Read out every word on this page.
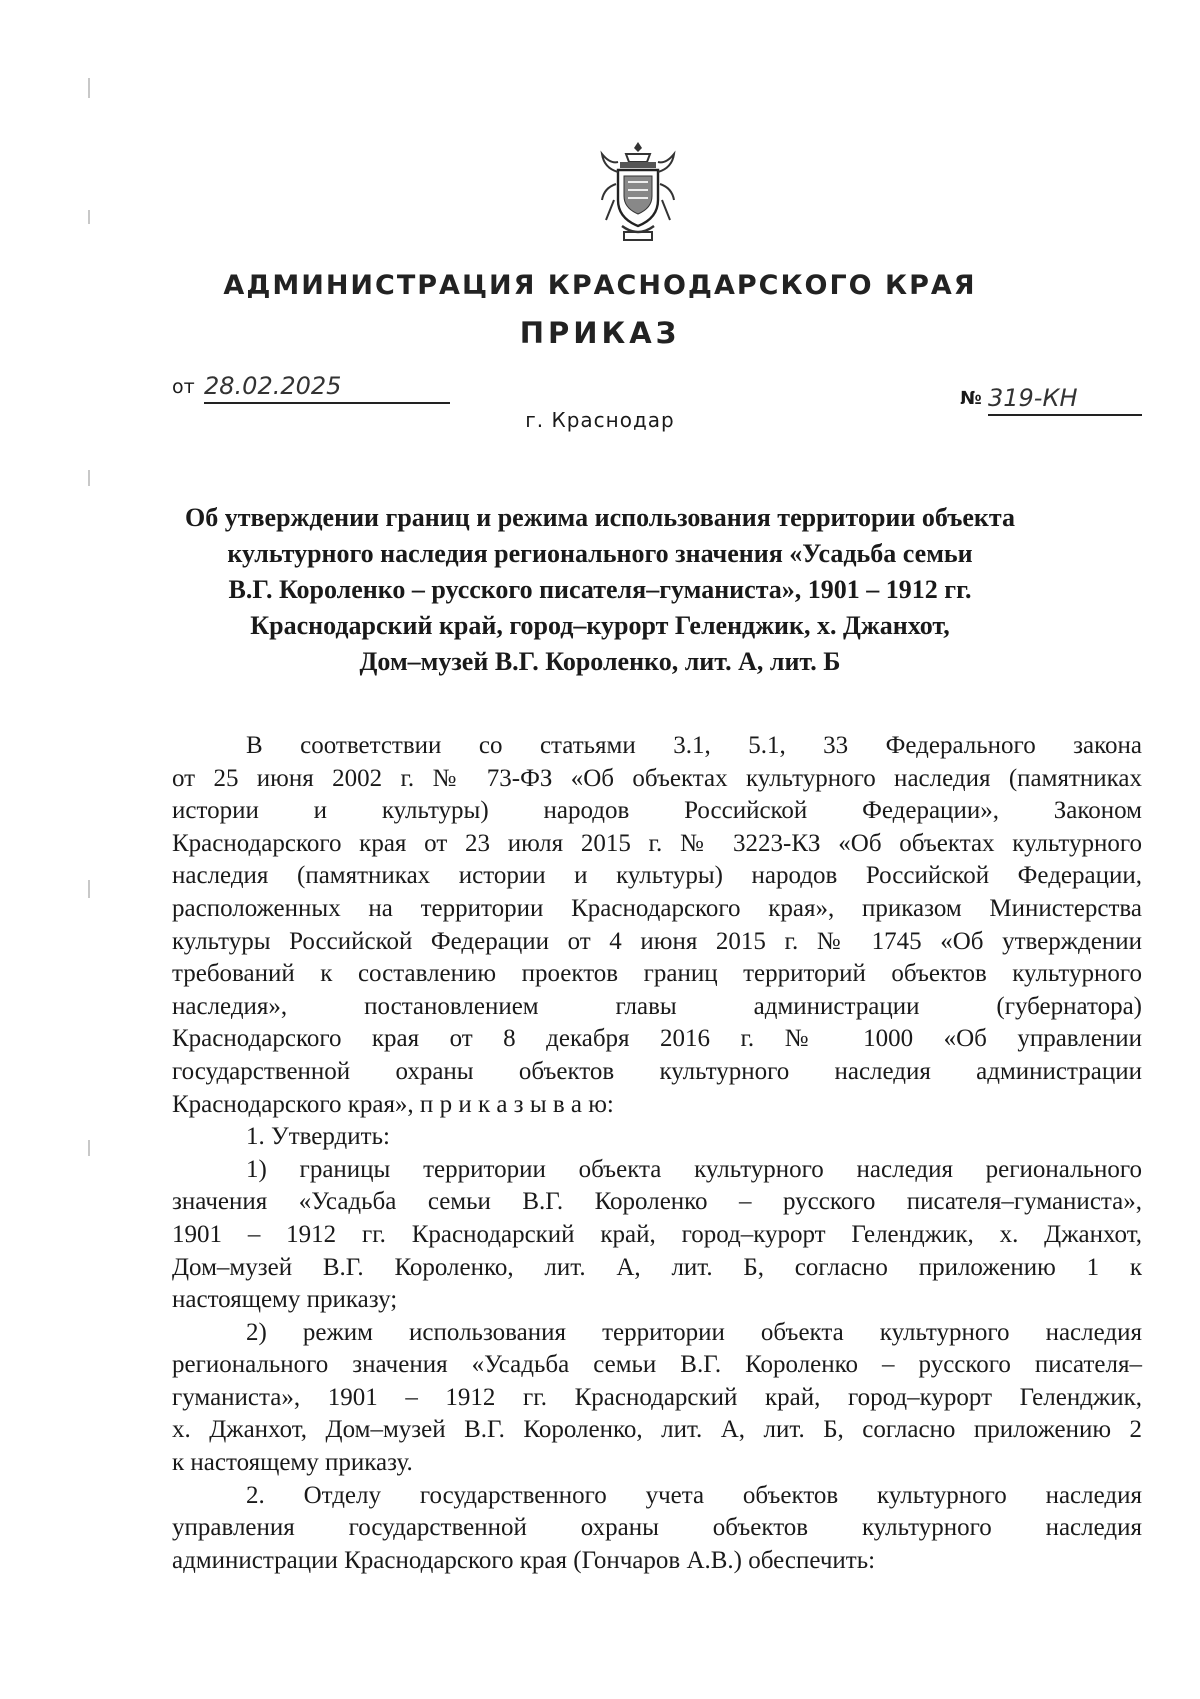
АДМИНИСТРАЦИЯ КРАСНОДАРСКОГО КРАЯ
ПРИКАЗ
от 28.02.2025	№ 319-КН
г. Краснодар
Об утверждении границ и режима использования территории объекта
культурного наследия регионального значения «Усадьба семьи
В.Г. Короленко – русского писателя–гуманиста», 1901 – 1912 гг.
Краснодарский край, город–курорт Геленджик, х. Джанхот,
Дом–музей В.Г. Короленко, лит. А, лит. Б
В соответствии со статьями 3.1, 5.1, 33 Федерального закона
от 25 июня 2002 г. № 73-ФЗ «Об объектах культурного наследия (памятниках
истории и культуры) народов Российской Федерации», Законом
Краснодарского края от 23 июля 2015 г. № 3223-КЗ «Об объектах культурного
наследия (памятниках истории и культуры) народов Российской Федерации,
расположенных на территории Краснодарского края», приказом Министерства
культуры Российской Федерации от 4 июня 2015 г. № 1745 «Об утверждении
требований к составлению проектов границ территорий объектов культурного
наследия», постановлением главы администрации (губернатора)
Краснодарского края от 8 декабря 2016 г. № 1000 «Об управлении
государственной охраны объектов культурного наследия администрации
Краснодарского края», п р и к а з ы в а ю:
1. Утвердить:
1) границы территории объекта культурного наследия регионального
значения «Усадьба семьи В.Г. Короленко – русского писателя–гуманиста»,
1901 – 1912 гг. Краснодарский край, город–курорт Геленджик, х. Джанхот,
Дом–музей В.Г. Короленко, лит. А, лит. Б, согласно приложению 1 к
настоящему приказу;
2) режим использования территории объекта культурного наследия
регионального значения «Усадьба семьи В.Г. Короленко – русского писателя–
гуманиста», 1901 – 1912 гг. Краснодарский край, город–курорт Геленджик,
х. Джанхот, Дом–музей В.Г. Короленко, лит. А, лит. Б, согласно приложению 2
к настоящему приказу.
2. Отделу государственного учета объектов культурного наследия
управления государственной охраны объектов культурного наследия
администрации Краснодарского края (Гончаров А.В.) обеспечить:
